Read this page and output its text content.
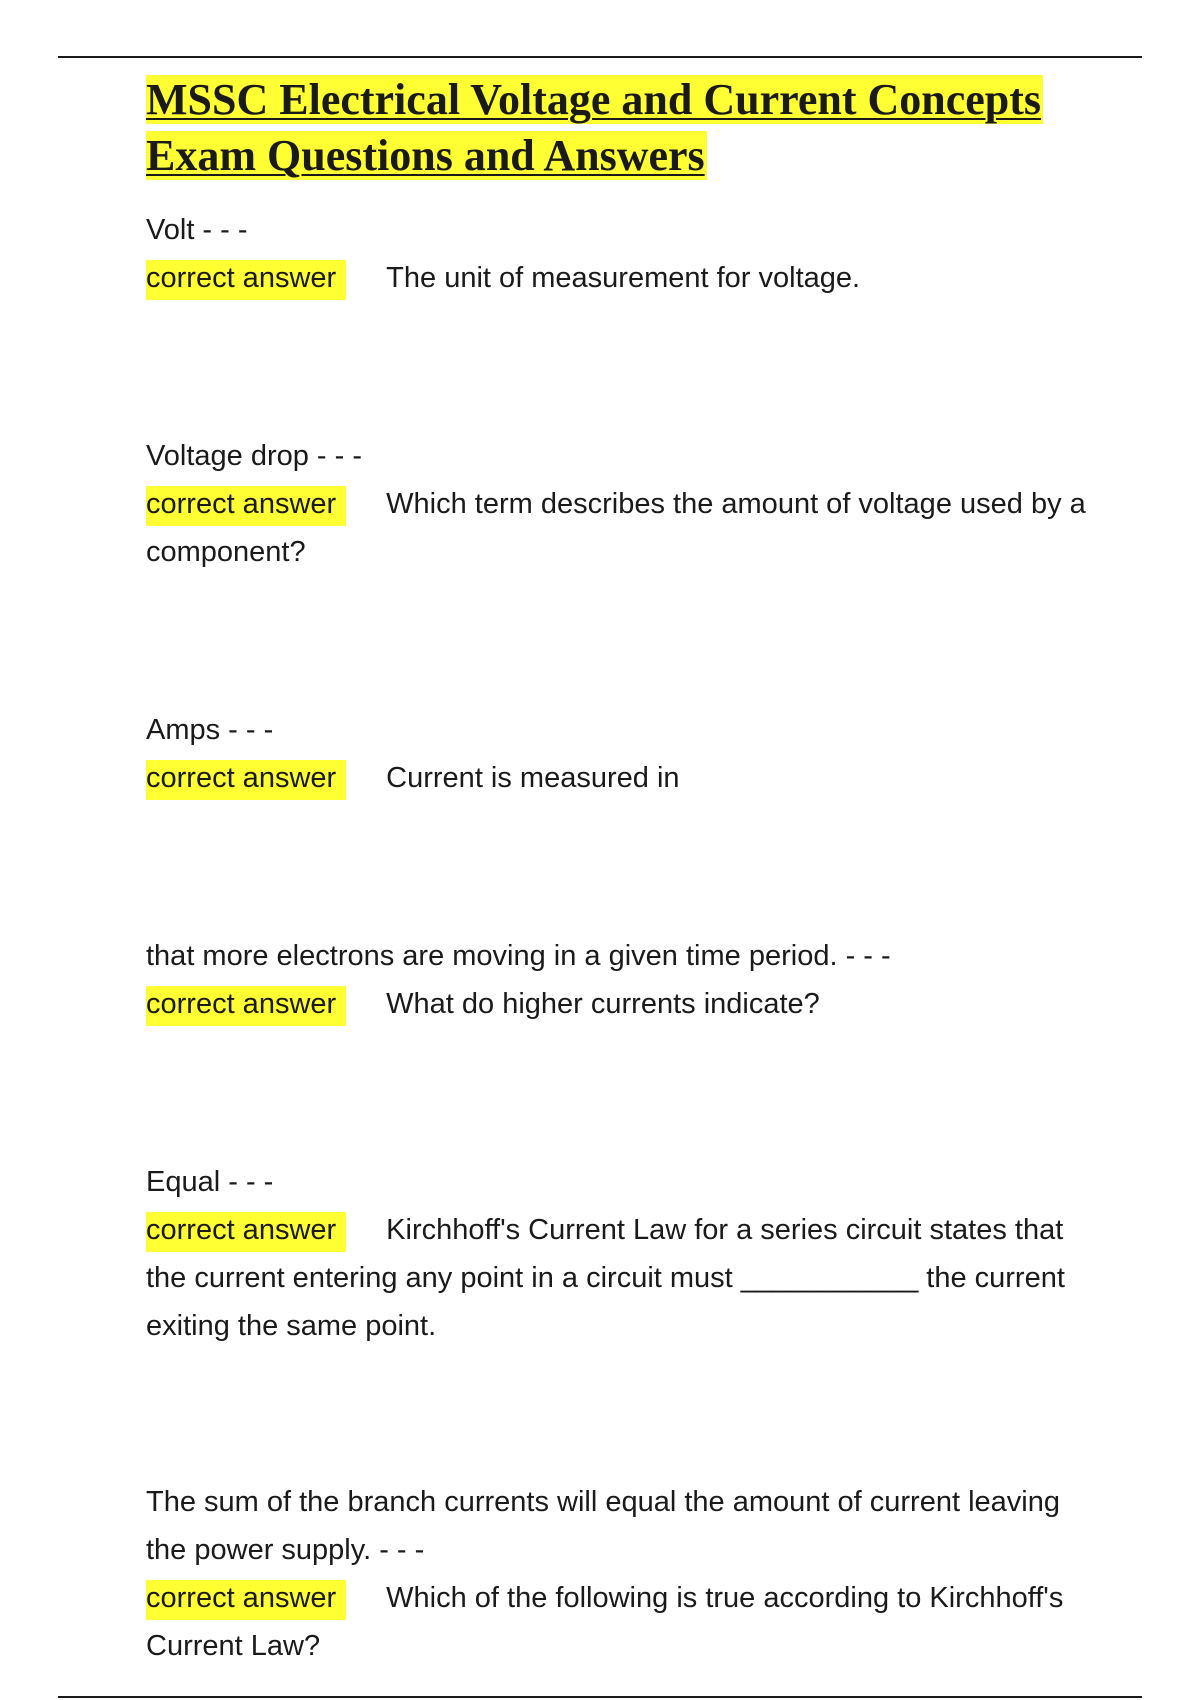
MSSC Electrical Voltage and Current Concepts Exam Questions and Answers
Volt - - -
correct answer The unit of measurement for voltage.
Voltage drop - - -
correct answer Which term describes the amount of voltage used by a component?
Amps - - -
correct answer Current is measured in
that more electrons are moving in a given time period. - - -
correct answer What do higher currents indicate?
Equal - - -
correct answer Kirchhoff's Current Law for a series circuit states that the current entering any point in a circuit must ___________ the current exiting the same point.
The sum of the branch currents will equal the amount of current leaving the power supply. - - -
correct answer Which of the following is true according to Kirchhoff's Current Law?
